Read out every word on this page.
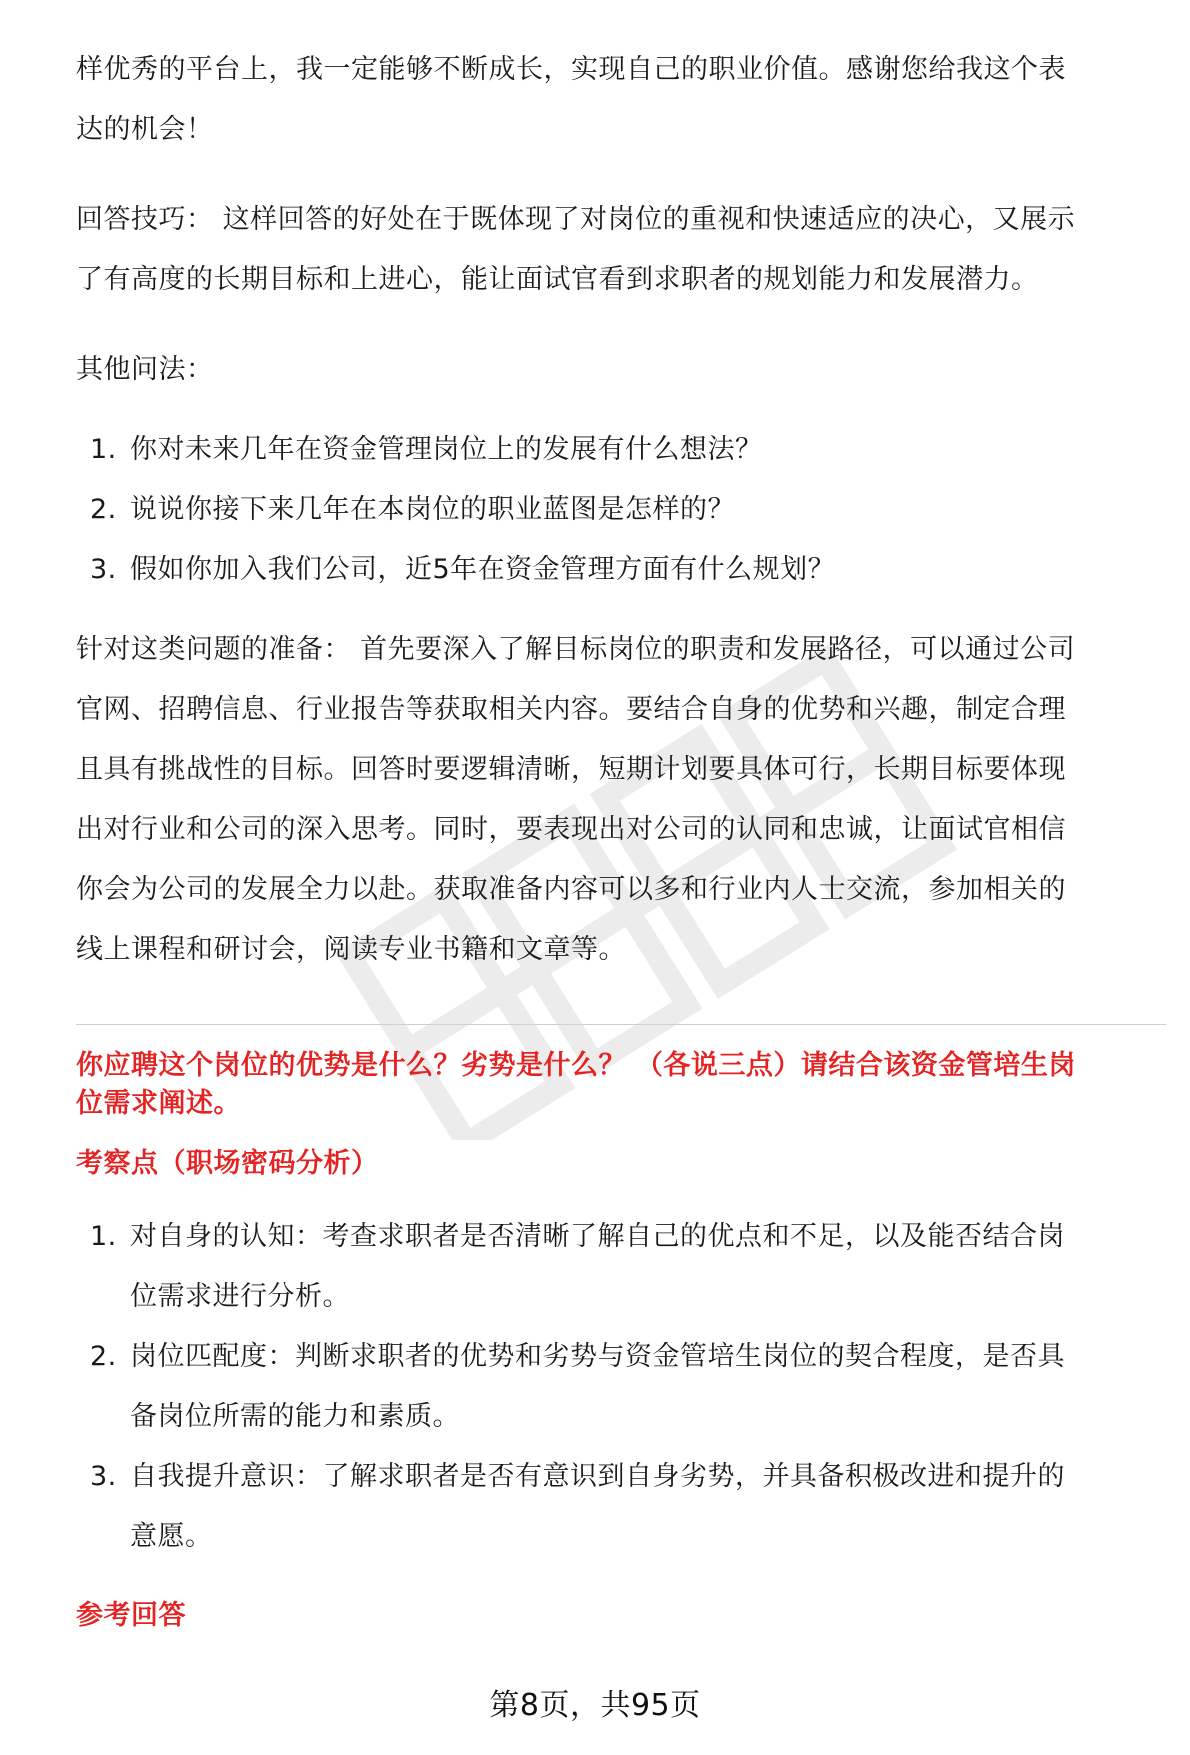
样优秀的平台上，我一定能够不断成长，实现自己的职业价值。感谢您给我这个表
达的机会！

回答技巧： 这样回答的好处在于既体现了对岗位的重视和快速适应的决心，又展示
了有高度的长期目标和上进心，能让面试官看到求职者的规划能力和发展潜力。

其他问法：

1. 你对未来几年在资金管理岗位上的发展有什么想法？
2. 说说你接下来几年在本岗位的职业蓝图是怎样的？
3. 假如你加入我们公司，近5年在资金管理方面有什么规划？

针对这类问题的准备： 首先要深入了解目标岗位的职责和发展路径，可以通过公司
官网、招聘信息、行业报告等获取相关内容。要结合自身的优势和兴趣，制定合理
且具有挑战性的目标。回答时要逻辑清晰，短期计划要具体可行，长期目标要体现
出对行业和公司的深入思考。同时，要表现出对公司的认同和忠诚，让面试官相信
你会为公司的发展全力以赴。获取准备内容可以多和行业内人士交流，参加相关的
线上课程和研讨会，阅读专业书籍和文章等。

你应聘这个岗位的优势是什么？劣势是什么？ （各说三点）请结合该资金管培生岗
位需求阐述。

考察点（职场密码分析）

1. 对自身的认知：考查求职者是否清晰了解自己的优点和不足，以及能否结合岗
位需求进行分析。
2. 岗位匹配度：判断求职者的优势和劣势与资金管培生岗位的契合程度，是否具
备岗位所需的能力和素质。
3. 自我提升意识：了解求职者是否有意识到自身劣势，并具备积极改进和提升的
意愿。

参考回答

第8页，共95页
